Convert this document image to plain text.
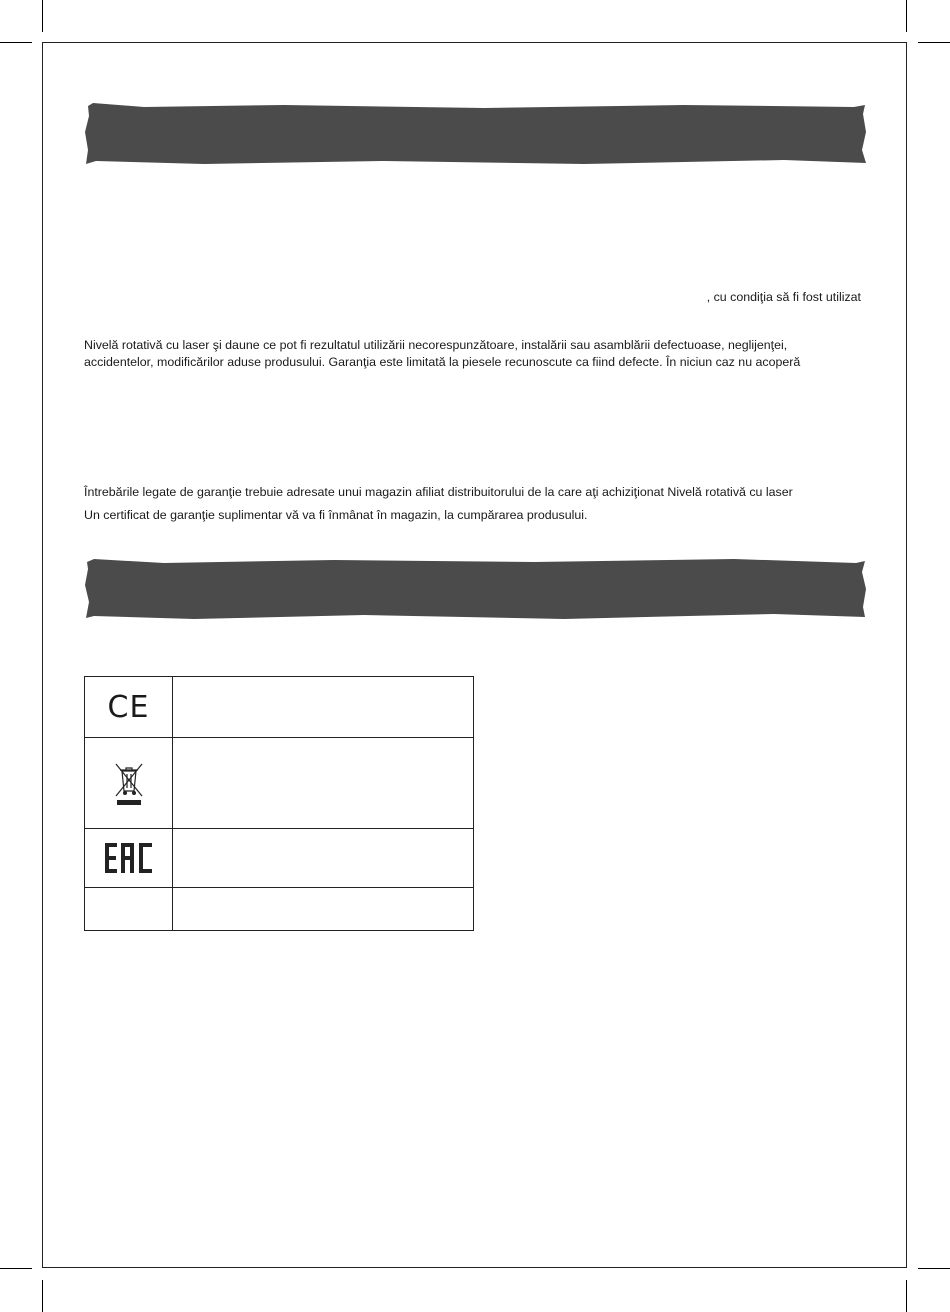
, cu condiţia să fi fost utilizat
Nivelă rotativă cu laser şi daune ce pot fi rezultatul utilizării necorespunzătoare, instalării sau asamblării defectuoase, neglijenţei,
accidentelor, modificărilor aduse produsului. Garanţia este limitată la piesele recunoscute ca fiind defecte. În niciun caz nu acoperă
Întrebările legate de garanţie trebuie adresate unui magazin afiliat distribuitorului de la care aţi achiziţionat Nivelă rotativă cu laser
Un certificat de garanţie suplimentar vă va fi înmânat în magazin, la cumpărarea produsului.
CE
